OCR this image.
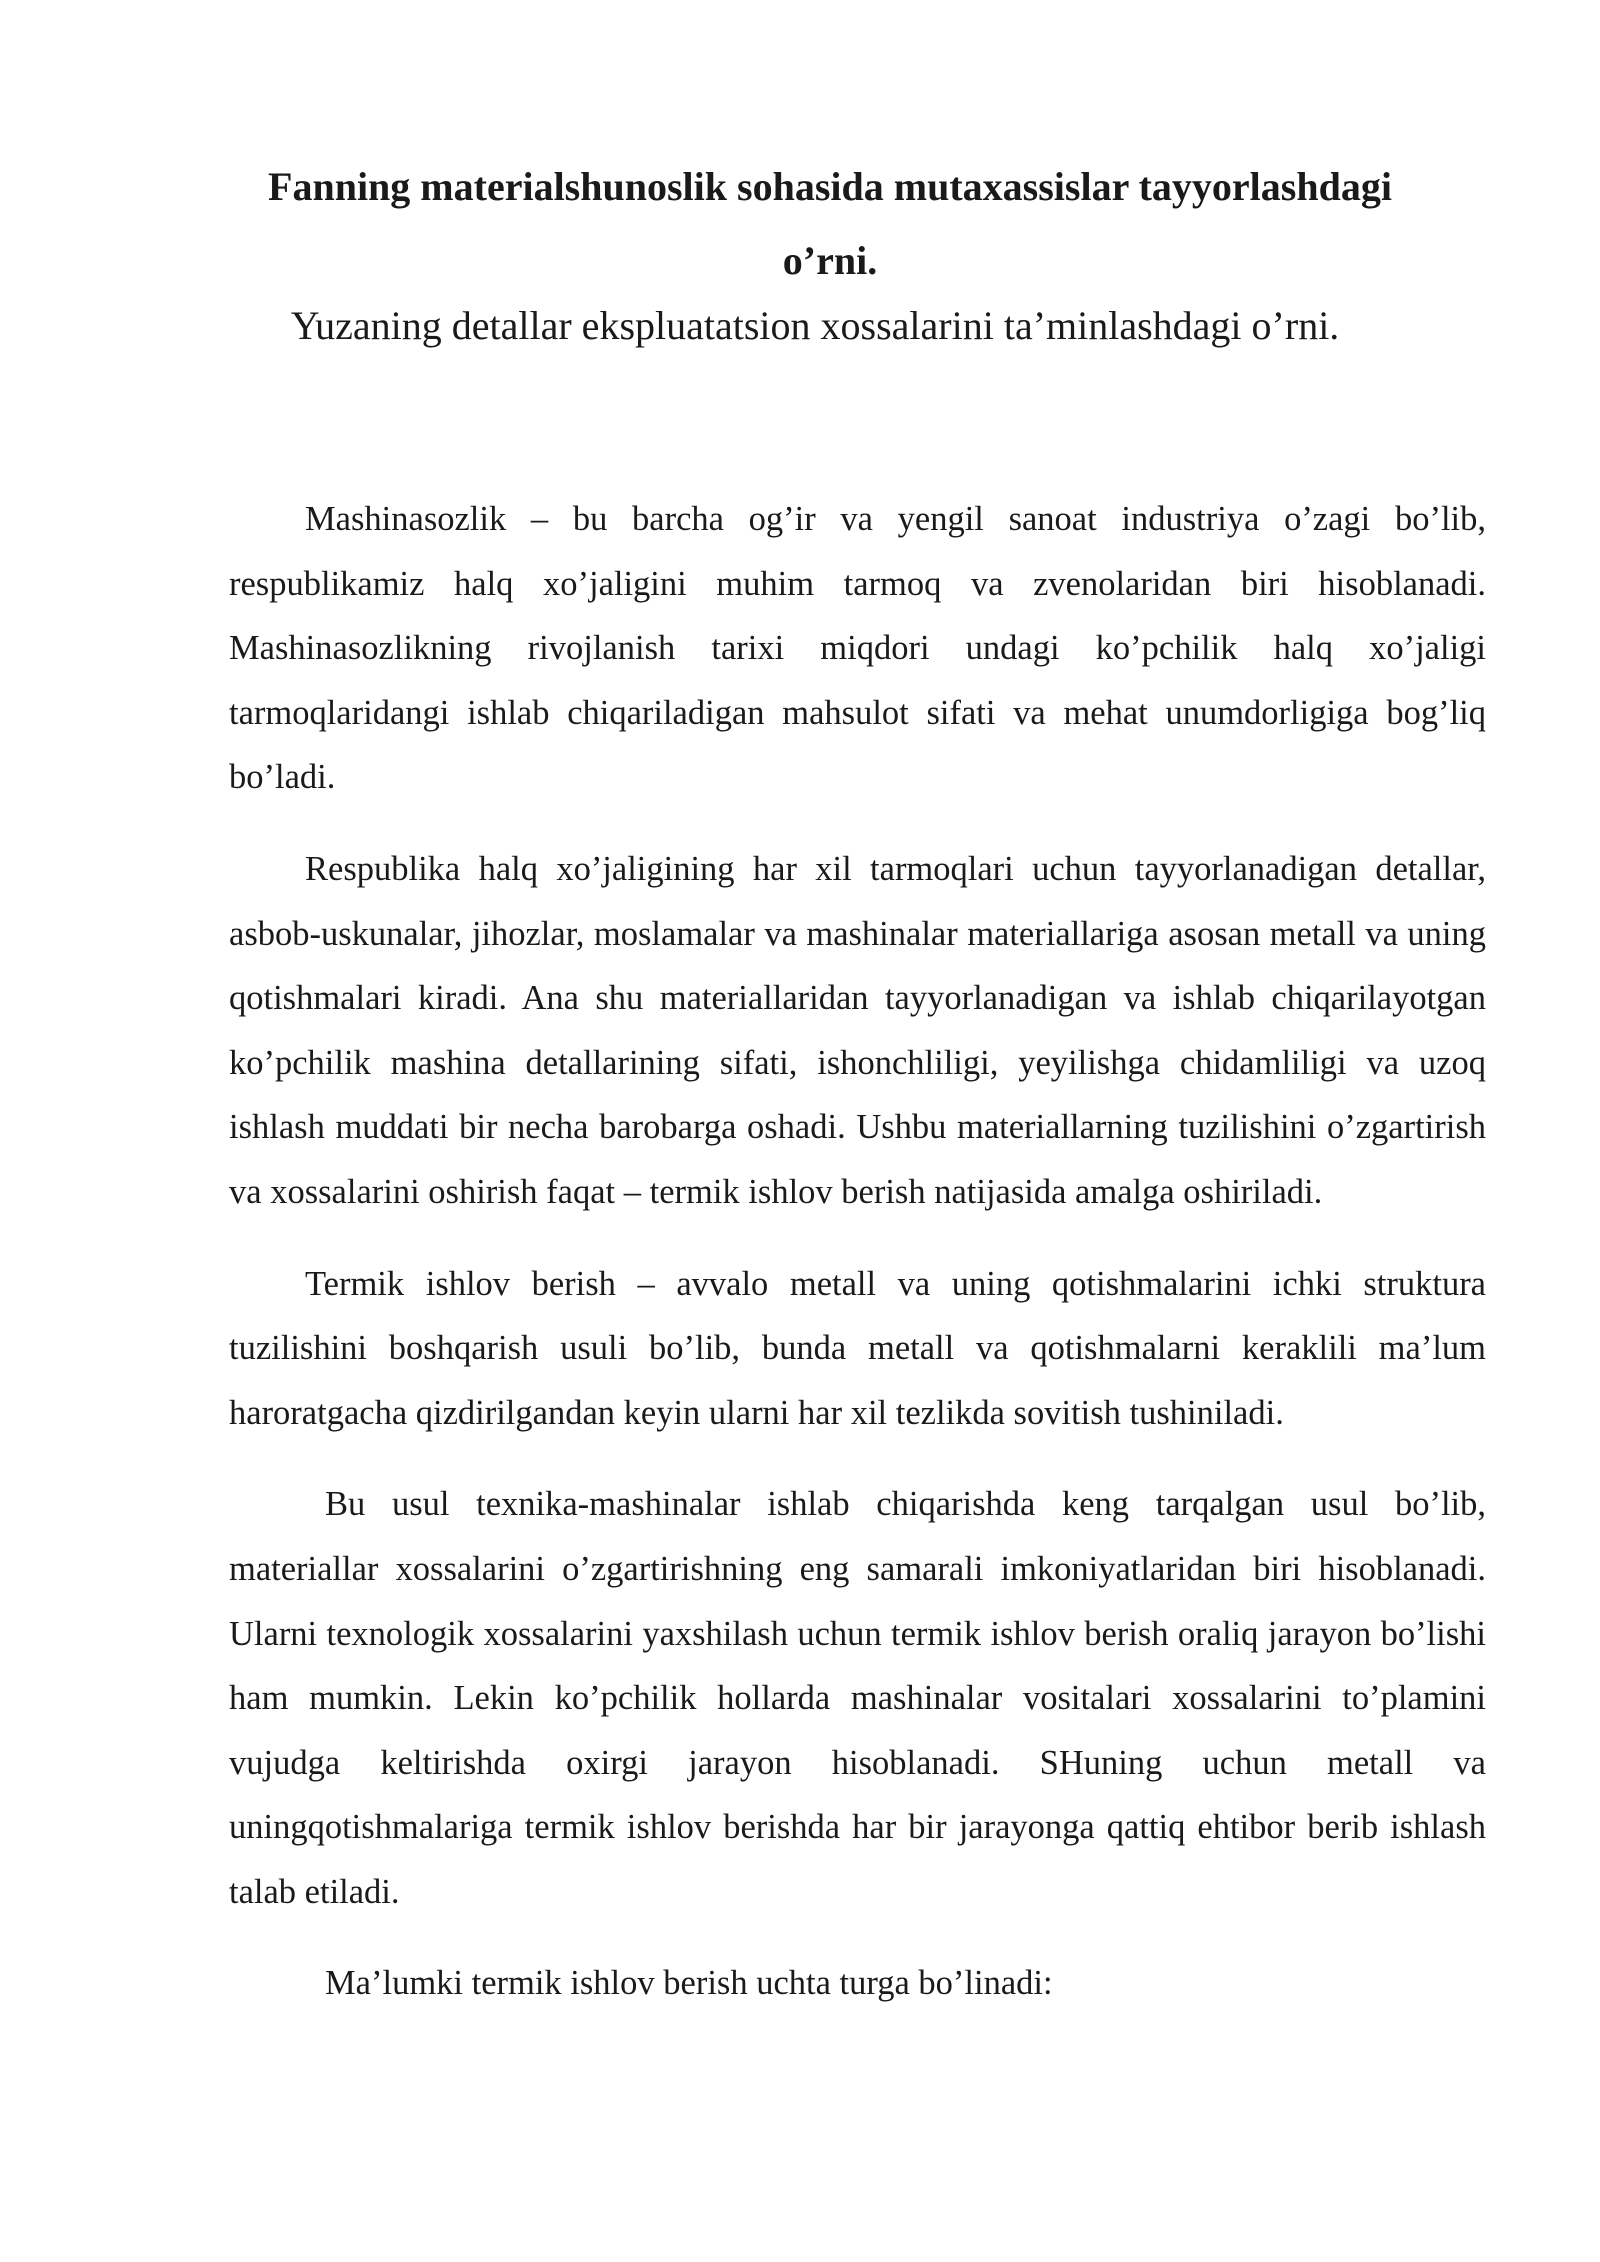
Fanning materialshunoslik sohasida mutaxassislar tayyorlashdagi
o’rni.

Yuzaning detallar ekspluatatsion xossalarini ta’minlashdagi o’rni.

Mashinasozlik – bu barcha og’ir va yengil sanoat industriya o’zagi bo’lib, respublikamiz halq xo’jaligini muhim tarmoq va zvenolaridan biri hisoblanadi. Mashinasozlikning rivojlanish tarixi miqdori undagi ko’pchilik halq xo’jaligi tarmoqlaridangi ishlab chiqariladigan mahsulot sifati va mehat unumdorligiga bog’liq bo’ladi.

Respublika halq xo’jaligining har xil tarmoqlari uchun tayyorlanadigan detallar, asbob-uskunalar, jihozlar, moslamalar va mashinalar materiallariga asosan metall va uning qotishmalari kiradi. Ana shu materiallaridan tayyorlanadigan va ishlab chiqarilayotgan ko’pchilik mashina detallarining sifati, ishonchliligi, yeyilishga chidamliligi va uzoq ishlash muddati bir necha barobarga oshadi. Ushbu materiallarning tuzilishini o’zgartirish va xossalarini oshirish faqat – termik ishlov berish natijasida amalga oshiriladi.

Termik ishlov berish – avvalo metall va uning qotishmalarini ichki struktura tuzilishini boshqarish usuli bo’lib, bunda metall va qotishmalarni keraklili ma’lum haroratgacha qizdirilgandan keyin ularni har xil tezlikda sovitish tushiniladi.

Bu usul texnika-mashinalar ishlab chiqarishda keng tarqalgan usul bo’lib, materiallar xossalarini o’zgartirishning eng samarali imkoniyatlaridan biri hisoblanadi. Ularni texnologik xossalarini yaxshilash uchun termik ishlov berish oraliq jarayon bo’lishi ham mumkin. Lekin ko’pchilik hollarda mashinalar vositalari xossalarini to’plamini vujudga keltirishda oxirgi jarayon hisoblanadi. SHuning uchun metall va uningqotishmalariga termik ishlov berishda har bir jarayonga qattiq ehtibor berib ishlash talab etiladi.

Ma’lumki termik ishlov berish uchta turga bo’linadi:
